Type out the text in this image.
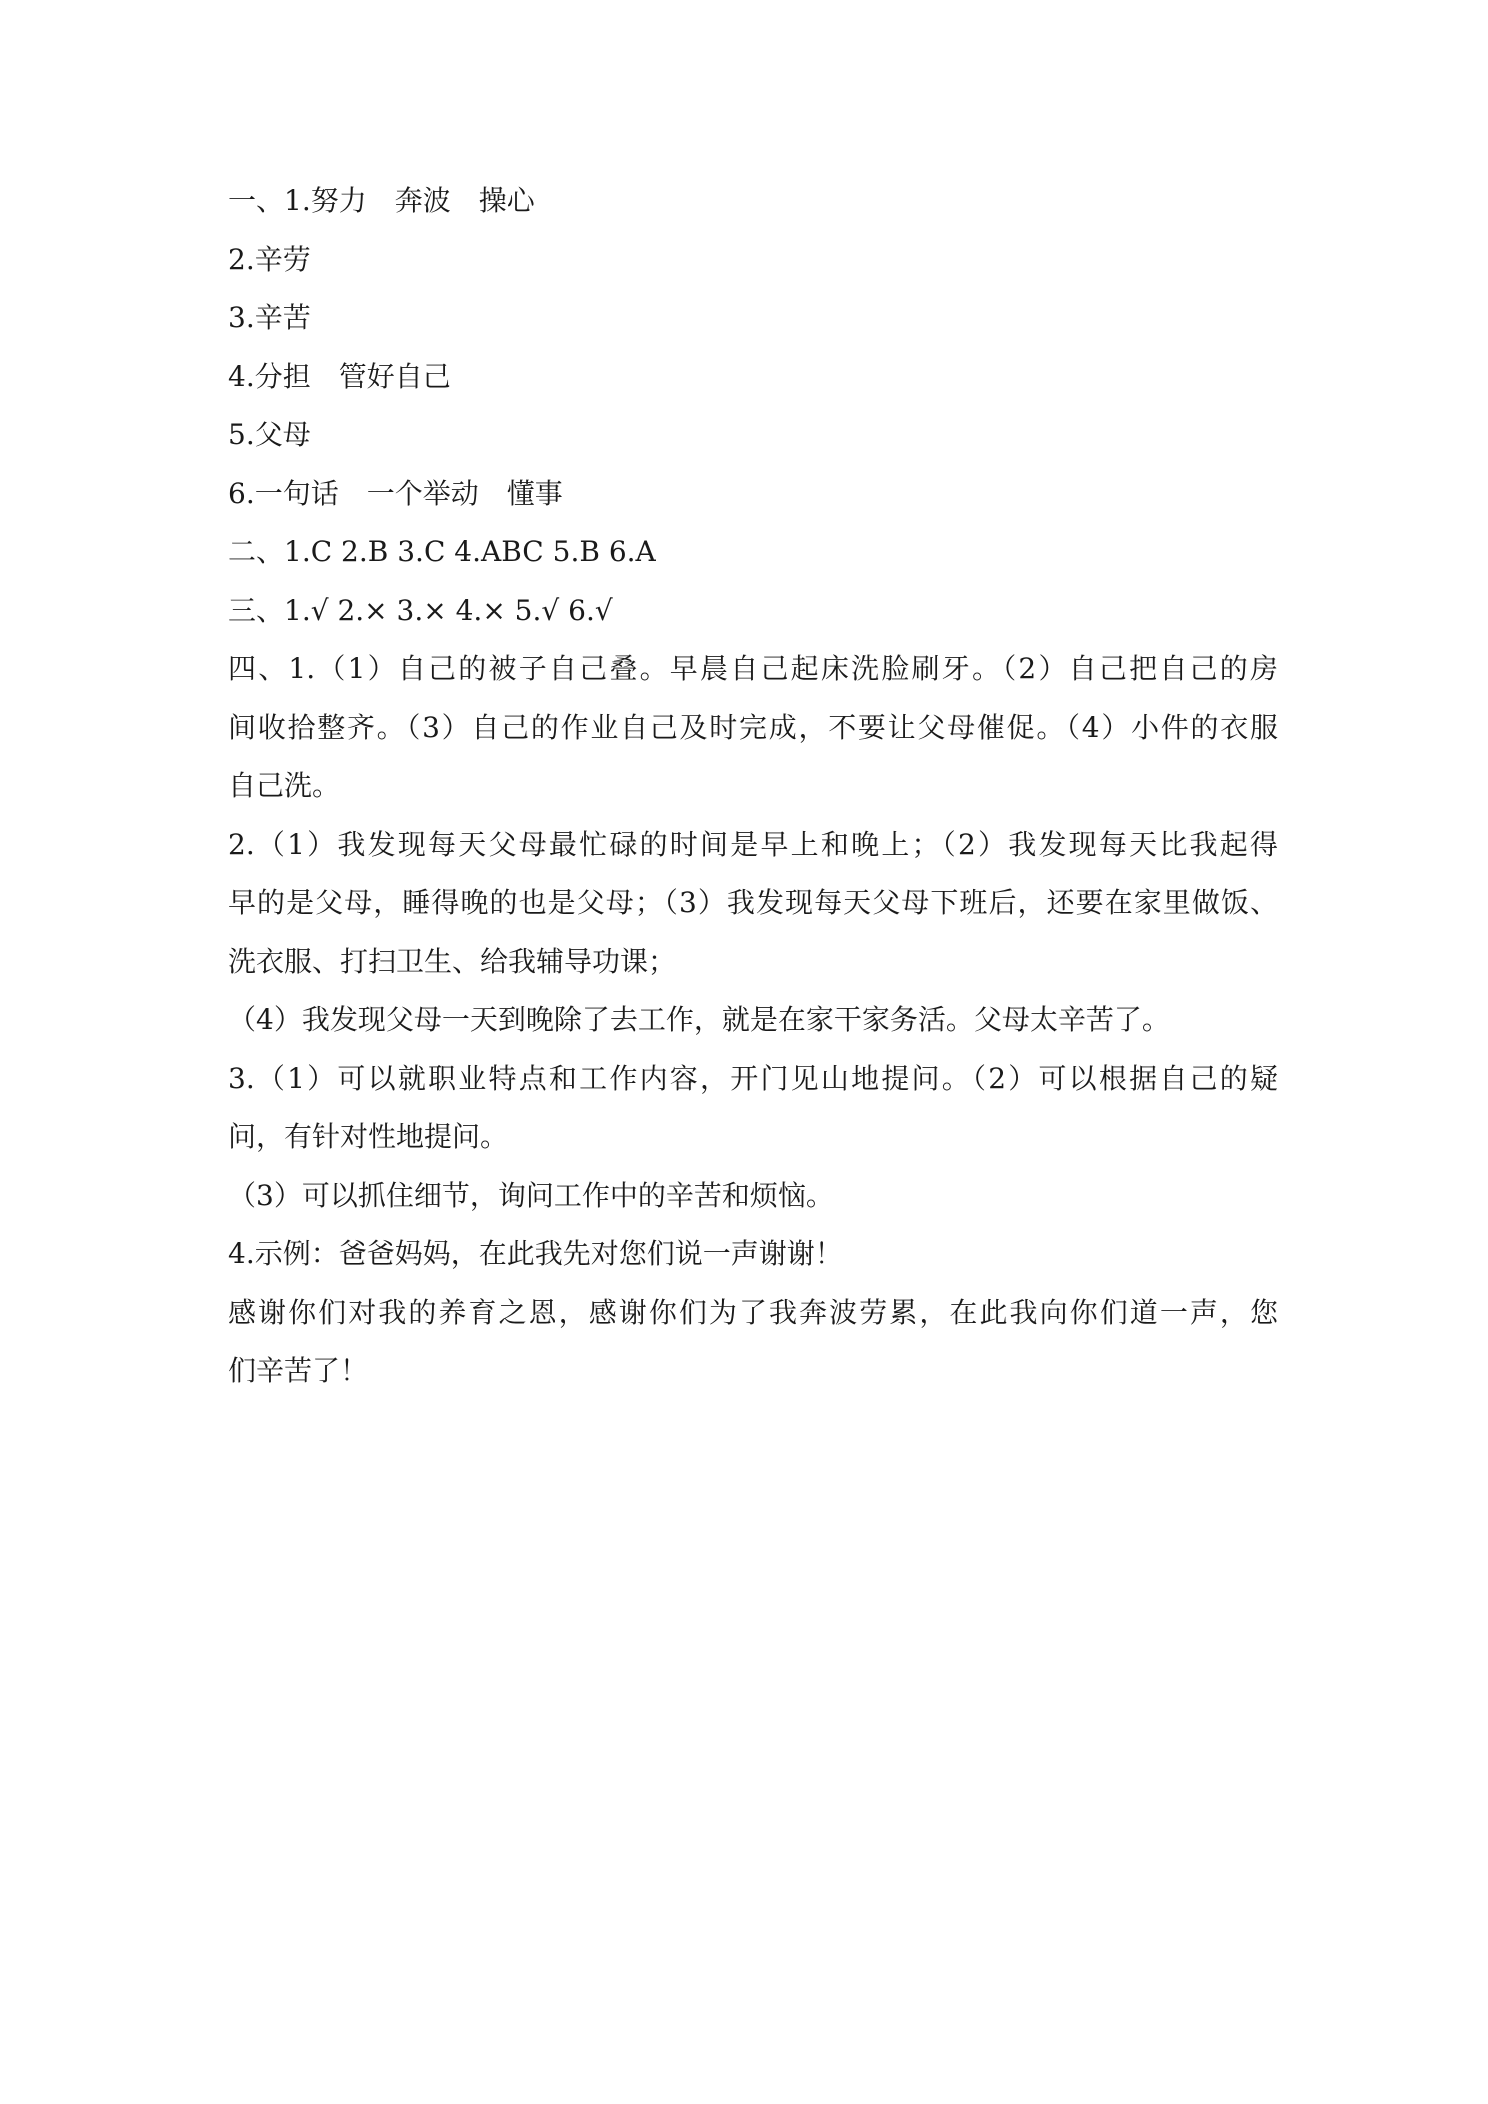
一、1.努力　奔波　操心
2.辛劳
3.辛苦
4.分担　管好自己
5.父母
6.一句话　一个举动　懂事
二、1.C 2.B 3.C 4.ABC 5.B 6.A
三、1.√ 2.× 3.× 4.× 5.√ 6.√
四、1.（1）自己的被子自己叠。早晨自己起床洗脸刷牙。（2）自己把自己的房
间收拾整齐。（3）自己的作业自己及时完成，不要让父母催促。（4）小件的衣服
自己洗。
2.（1）我发现每天父母最忙碌的时间是早上和晚上；（2）我发现每天比我起得
早的是父母，睡得晚的也是父母；（3）我发现每天父母下班后，还要在家里做饭、
洗衣服、打扫卫生、给我辅导功课；
（4）我发现父母一天到晚除了去工作，就是在家干家务活。父母太辛苦了。
3.（1）可以就职业特点和工作内容，开门见山地提问。（2）可以根据自己的疑
问，有针对性地提问。
（3）可以抓住细节，询问工作中的辛苦和烦恼。
4.示例：爸爸妈妈，在此我先对您们说一声谢谢！
感谢你们对我的养育之恩，感谢你们为了我奔波劳累，在此我向你们道一声，您
们辛苦了！
